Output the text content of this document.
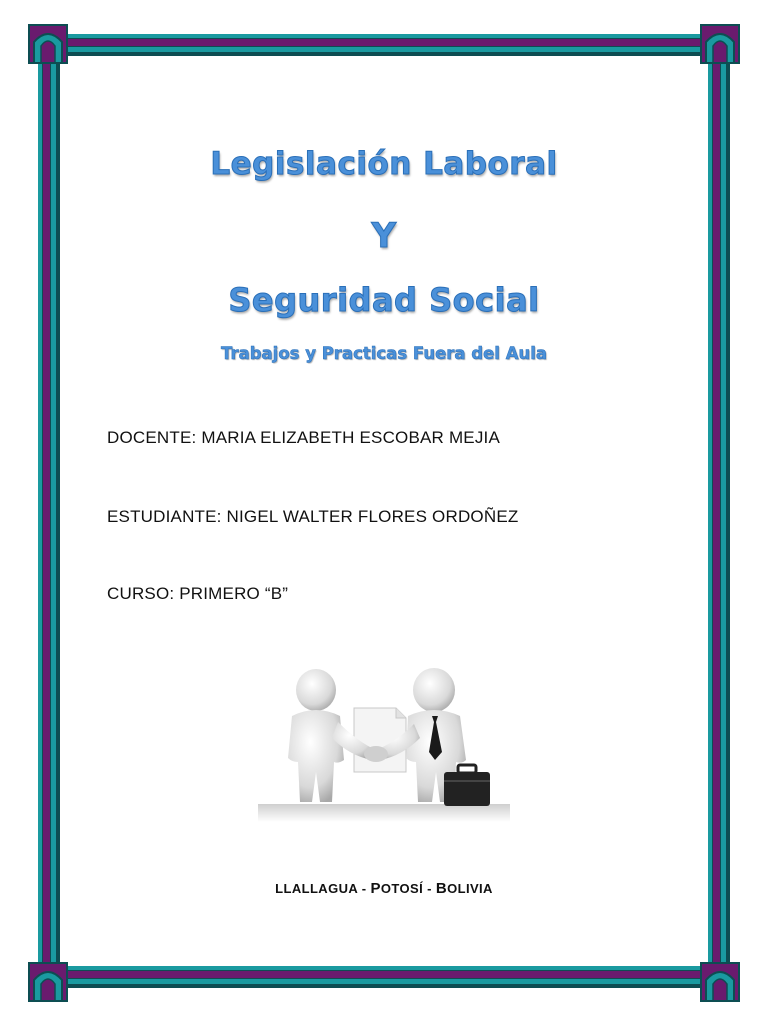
Legislación Laboral
Y
Seguridad Social
Trabajos y Practicas Fuera del Aula
DOCENTE: MARIA ELIZABETH ESCOBAR MEJIA
ESTUDIANTE: NIGEL WALTER FLORES ORDOÑEZ
CURSO: PRIMERO “B”
LLALLAGUA - POTOSÍ - BOLIVIA
